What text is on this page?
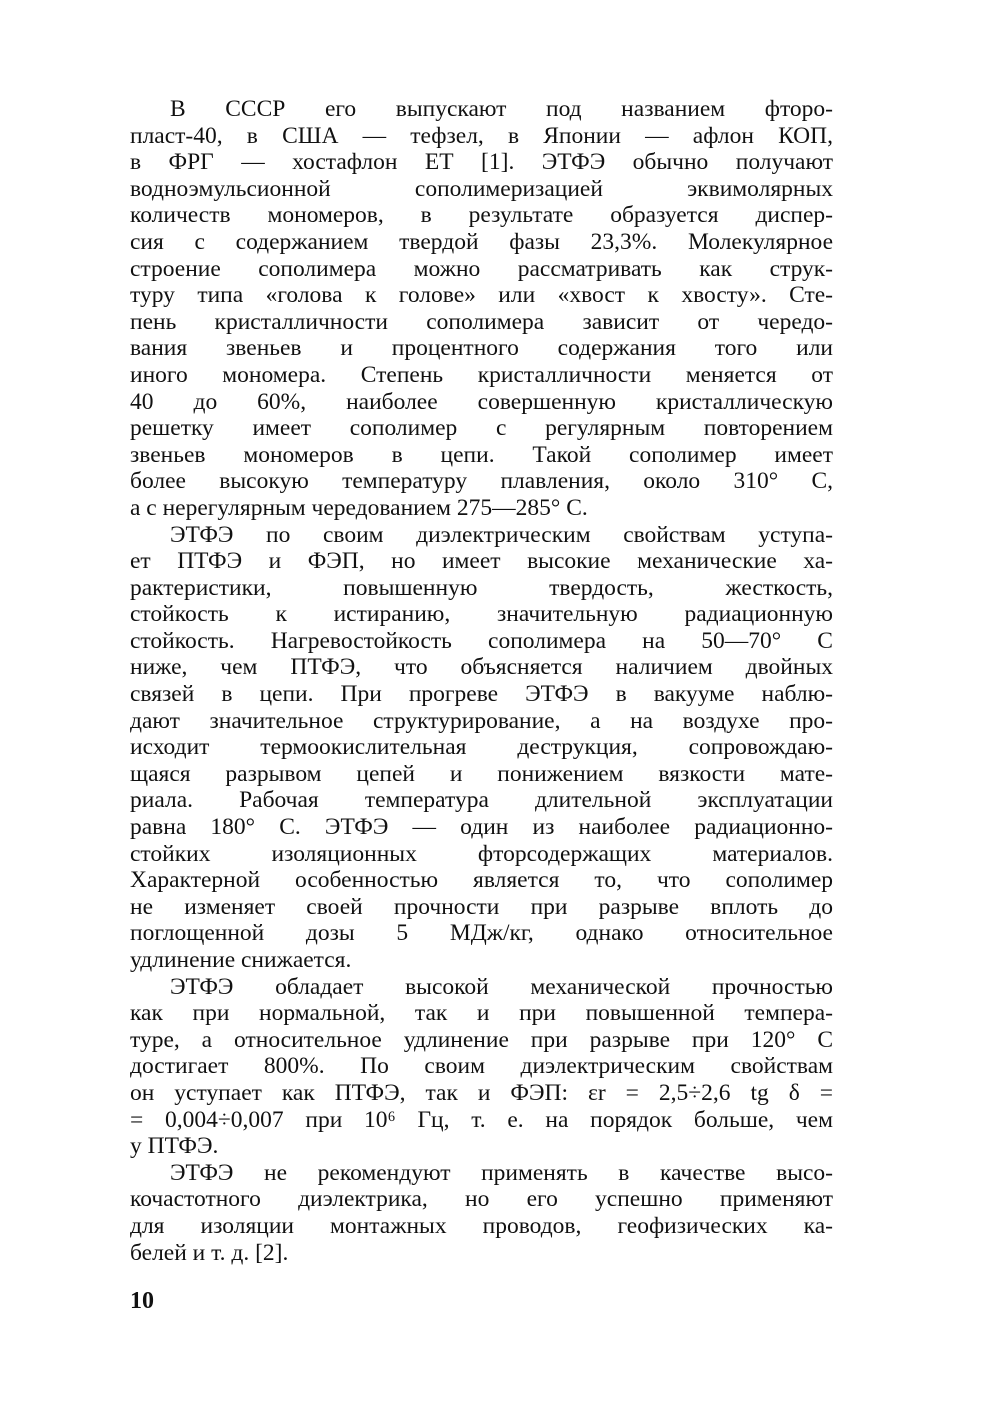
В СССР его выпускают под названием фторо-
пласт-40, в США — тефзел, в Японии — афлон КОП,
в ФРГ — хостафлон ЕТ [1]. ЭТФЭ обычно получают
водноэмульсионной сополимеризацией эквимолярных
количеств мономеров, в результате образуется диспер-
сия с содержанием твердой фазы 23,3%. Молекулярное
строение сополимера можно рассматривать как струк-
туру типа «голова к голове» или «хвост к хвосту». Сте-
пень кристалличности сополимера зависит от чередо-
вания звеньев и процентного содержания того или
иного мономера. Степень кристалличности меняется от
40 до 60%, наиболее совершенную кристаллическую
решетку имеет сополимер с регулярным повторением
звеньев мономеров в цепи. Такой сополимер имеет
более высокую температуру плавления, около 310° С,
а с нерегулярным чередованием 275—285° С.
ЭТФЭ по своим диэлектрическим свойствам уступа-
ет ПТФЭ и ФЭП, но имеет высокие механические ха-
рактеристики, повышенную твердость, жесткость,
стойкость к истиранию, значительную радиационную
стойкость. Нагревостойкость сополимера на 50—70° С
ниже, чем ПТФЭ, что объясняется наличием двойных
связей в цепи. При прогреве ЭТФЭ в вакууме наблю-
дают значительное структурирование, а на воздухе про-
исходит термоокислительная деструкция, сопровождаю-
щаяся разрывом цепей и понижением вязкости мате-
риала. Рабочая температура длительной эксплуатации
равна 180° С. ЭТФЭ — один из наиболее радиационно-
стойких изоляционных фторсодержащих материалов.
Характерной особенностью является то, что сополимер
не изменяет своей прочности при разрыве вплоть до
поглощенной дозы 5 МДж/кг, однако относительное
удлинение снижается.
ЭТФЭ обладает высокой механической прочностью
как при нормальной, так и при повышенной темпера-
туре, а относительное удлинение при разрыве при 120° С
достигает 800%. По своим диэлектрическим свойствам
он уступает как ПТФЭ, так и ФЭП: εr = 2,5÷2,6 tg δ =
= 0,004÷0,007 при 10⁶ Гц, т. е. на порядок больше, чем
у ПТФЭ.
ЭТФЭ не рекомендуют применять в качестве высо-
кочастотного диэлектрика, но его успешно применяют
для изоляции монтажных проводов, геофизических ка-
белей и т. д. [2].
10
